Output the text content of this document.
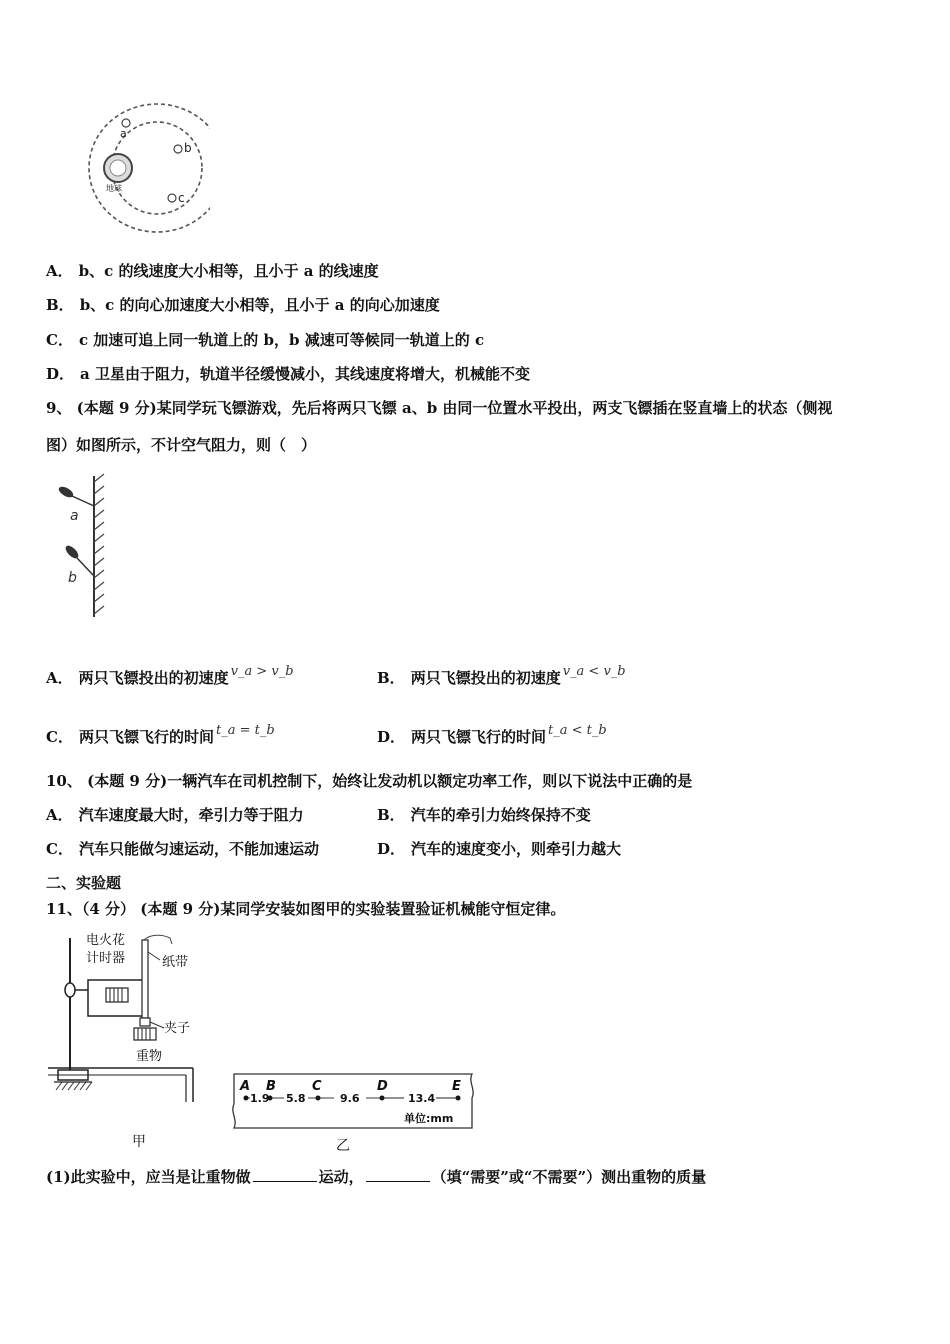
地球
a
b
c
A． b、c 的线速度大小相等，且小于 a 的线速度
B． b、c 的向心加速度大小相等，且小于 a 的向心加速度
C． c 加速可追上同一轨道上的 b，b 减速可等候同一轨道上的 c
D． a 卫星由于阻力，轨道半径缓慢减小，其线速度将增大，机械能不变
9、 (本题 9 分)某同学玩飞镖游戏，先后将两只飞镖 a、b 由同一位置水平投出，两支飞镖插在竖直墙上的状态（侧视
图）如图所示，不计空气阻力，则（　）
a
b
A． 两只飞镖投出的初速度 v_a > v_b	B． 两只飞镖投出的初速度 v_a < v_b
C． 两只飞镖飞行的时间 t_a = t_b	D． 两只飞镖飞行的时间 t_a < t_b
10、 (本题 9 分)一辆汽车在司机控制下，始终让发动机以额定功率工作，则以下说法中正确的是
A． 汽车速度最大时，牵引力等于阻力	B． 汽车的牵引力始终保持不变
C． 汽车只能做匀速运动，不能加速运动	D． 汽车的速度变小，则牵引力越大
二、实验题
11、（4 分） (本题 9 分)某同学安装如图甲的实验装置验证机械能守恒定律。
电火花
计时器	纸带
夹子
重物
甲
A B	C	D	E
1.9 5.8	9.6	13.4
单位:mm
乙
(1)此实验中，应当是让重物做	运动，	（填“需要”或“不需要”）测出重物的质量
